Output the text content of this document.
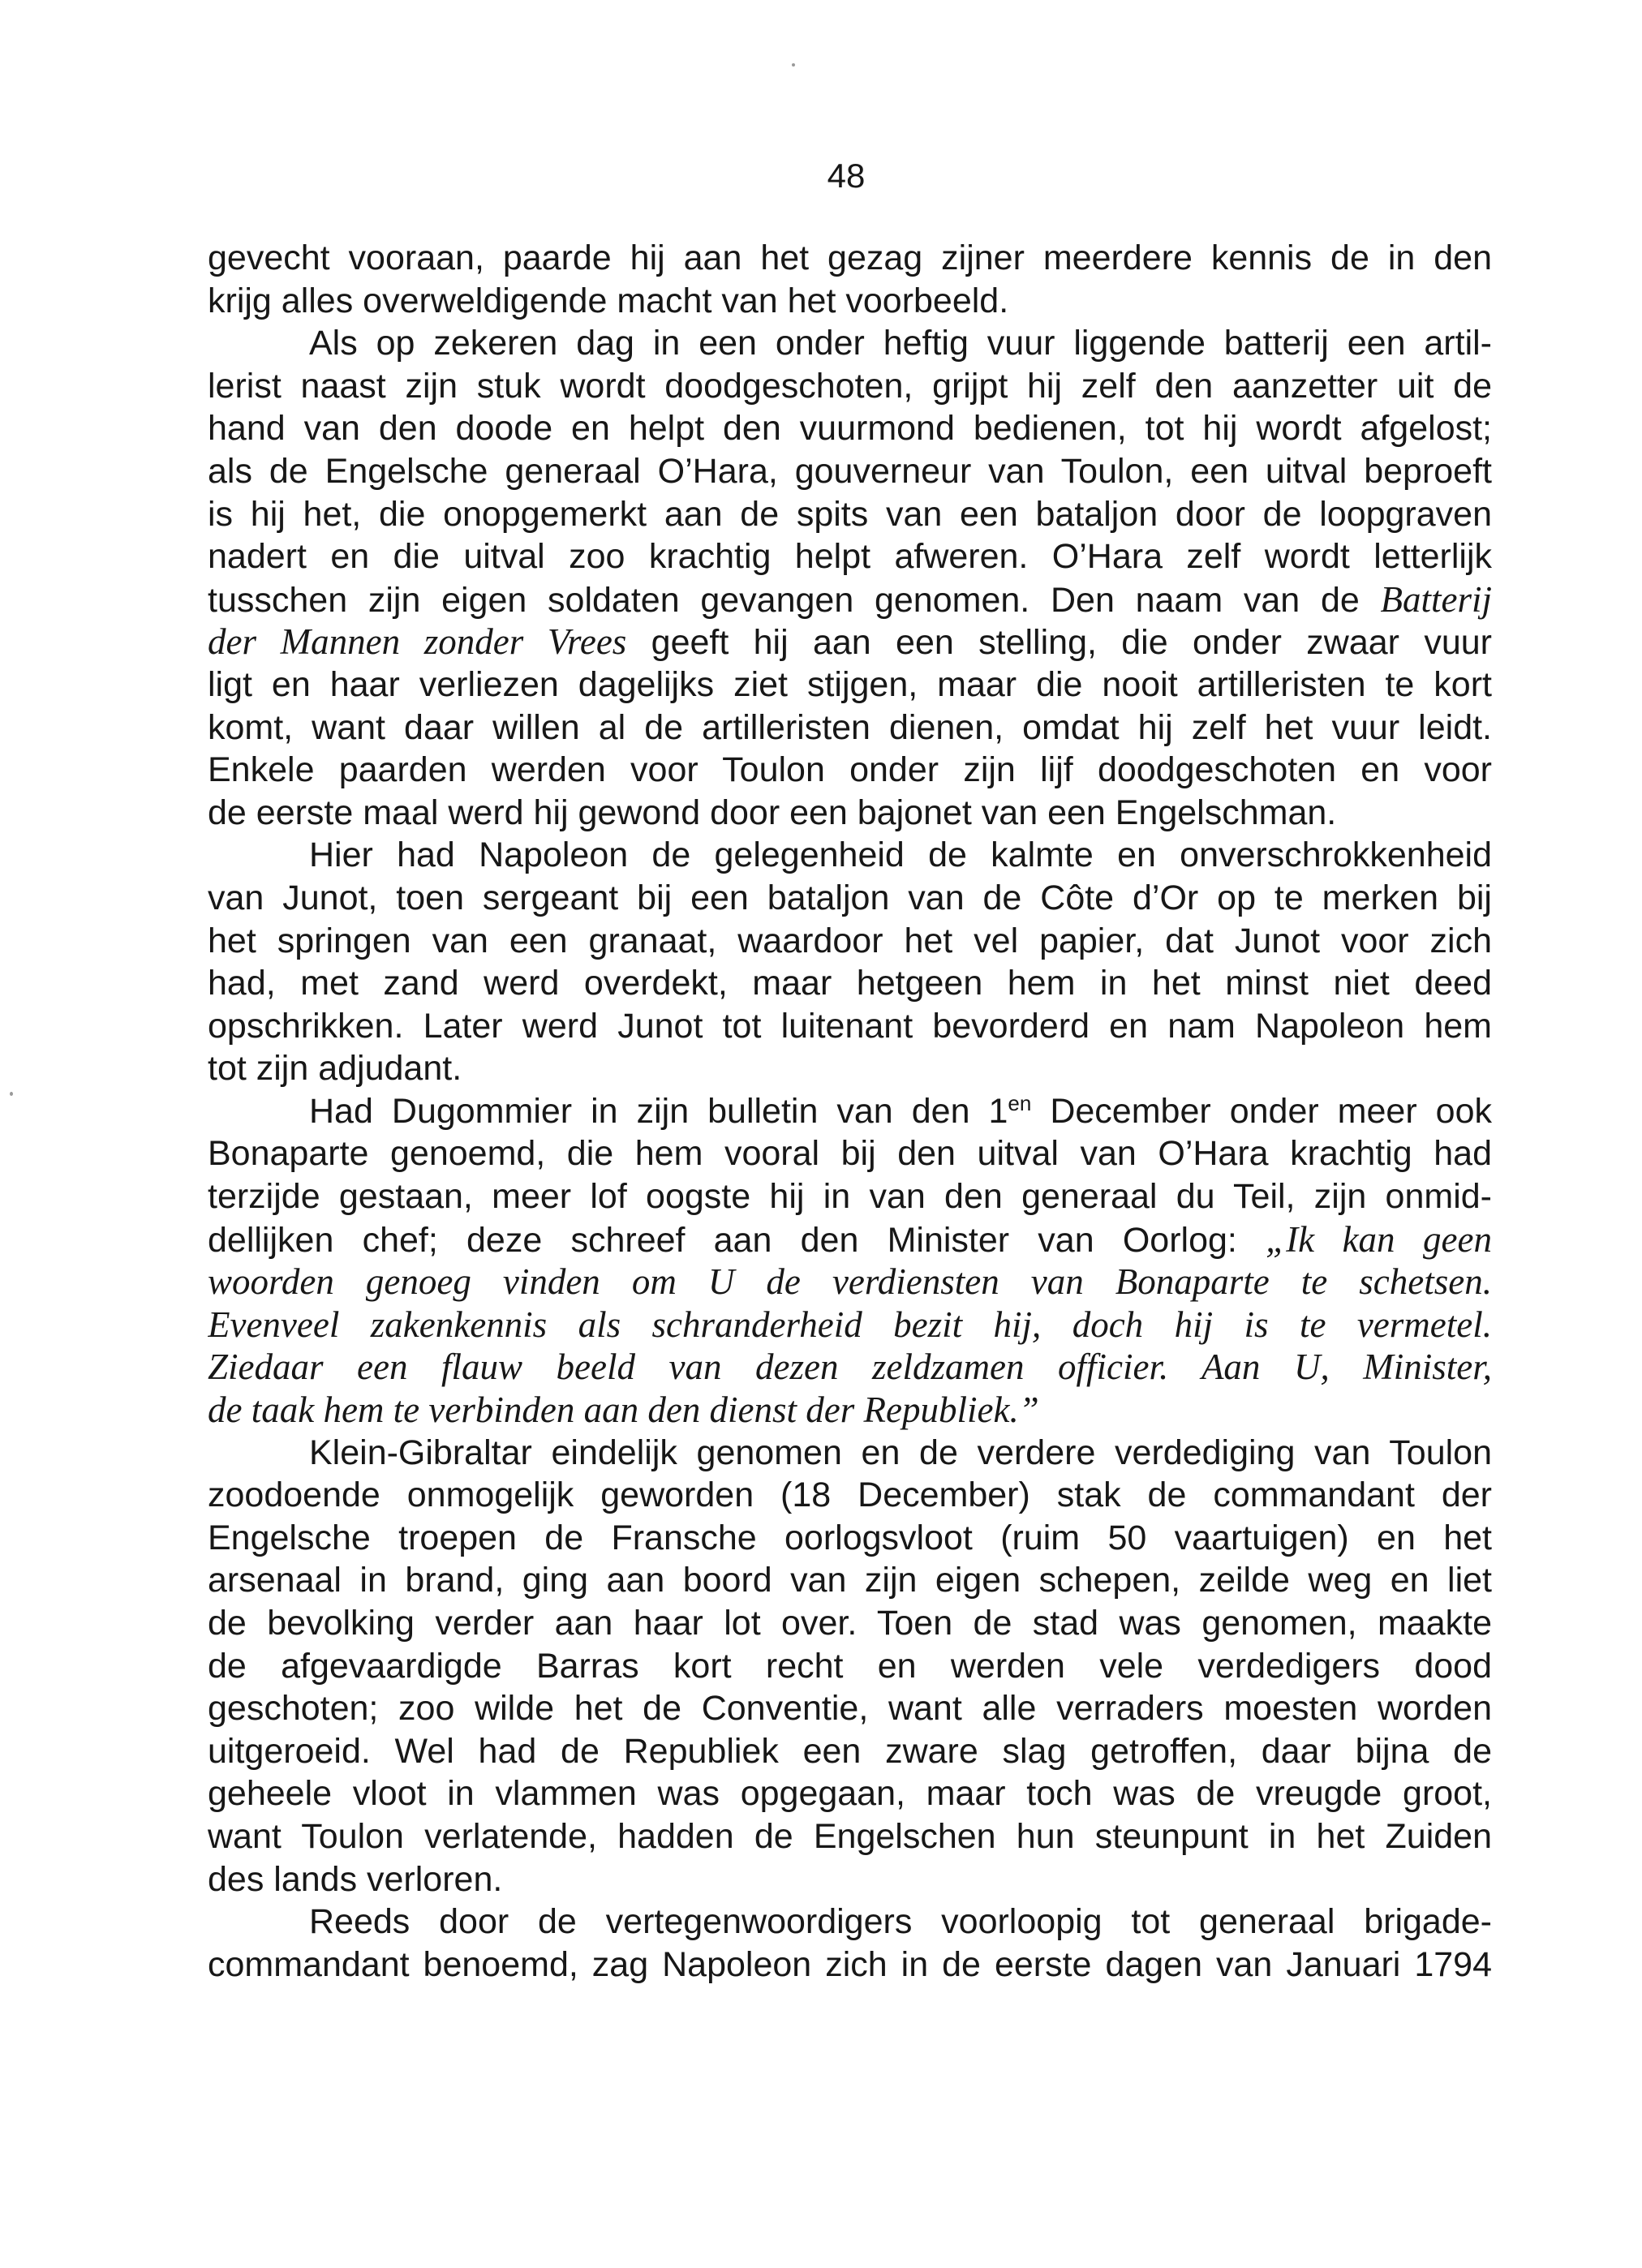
48
gevecht vooraan, paarde hij aan het gezag zijner meerdere kennis de in den
krijg alles overweldigende macht van het voorbeeld.
Als op zekeren dag in een onder heftig vuur liggende batterij een artil-
lerist naast zijn stuk wordt doodgeschoten, grijpt hij zelf den aanzetter uit de
hand van den doode en helpt den vuurmond bedienen, tot hij wordt afgelost;
als de Engelsche generaal O’Hara, gouverneur van Toulon, een uitval beproeft
is hij het, die onopgemerkt aan de spits van een bataljon door de loopgraven
nadert en die uitval zoo krachtig helpt afweren. O’Hara zelf wordt letterlijk
tusschen zijn eigen soldaten gevangen genomen. Den naam van de Batterij
der Mannen zonder Vrees geeft hij aan een stelling, die onder zwaar vuur
ligt en haar verliezen dagelijks ziet stijgen, maar die nooit artilleristen te kort
komt, want daar willen al de artilleristen dienen, omdat hij zelf het vuur leidt.
Enkele paarden werden voor Toulon onder zijn lijf doodgeschoten en voor
de eerste maal werd hij gewond door een bajonet van een Engelschman.
Hier had Napoleon de gelegenheid de kalmte en onverschrokkenheid
van Junot, toen sergeant bij een bataljon van de Côte d’Or op te merken bij
het springen van een granaat, waardoor het vel papier, dat Junot voor zich
had, met zand werd overdekt, maar hetgeen hem in het minst niet deed
opschrikken. Later werd Junot tot luitenant bevorderd en nam Napoleon hem
tot zijn adjudant.
Had Dugommier in zijn bulletin van den $1^{en}$ December onder meer ook
Bonaparte genoemd, die hem vooral bij den uitval van O’Hara krachtig had
terzijde gestaan, meer lof oogste hij in van den generaal du Teil, zijn onmid-
dellijken chef; deze schreef aan den Minister van Oorlog: „Ik kan geen
woorden genoeg vinden om U de verdiensten van Bonaparte te schetsen.
Evenveel zakenkennis als schranderheid bezit hij, doch hij is te vermetel.
Ziedaar een flauw beeld van dezen zeldzamen officier. Aan U, Minister,
de taak hem te verbinden aan den dienst der Republiek.”
Klein-Gibraltar eindelijk genomen en de verdere verdediging van Toulon
zoodoende onmogelijk geworden (18 December) stak de commandant der
Engelsche troepen de Fransche oorlogsvloot (ruim 50 vaartuigen) en het
arsenaal in brand, ging aan boord van zijn eigen schepen, zeilde weg en liet
de bevolking verder aan haar lot over. Toen de stad was genomen, maakte
de afgevaardigde Barras kort recht en werden vele verdedigers dood
geschoten; zoo wilde het de Conventie, want alle verraders moesten worden
uitgeroeid. Wel had de Republiek een zware slag getroffen, daar bijna de
geheele vloot in vlammen was opgegaan, maar toch was de vreugde groot,
want Toulon verlatende, hadden de Engelschen hun steunpunt in het Zuiden
des lands verloren.
Reeds door de vertegenwoordigers voorloopig tot generaal brigade-
commandant benoemd, zag Napoleon zich in de eerste dagen van Januari 1794
